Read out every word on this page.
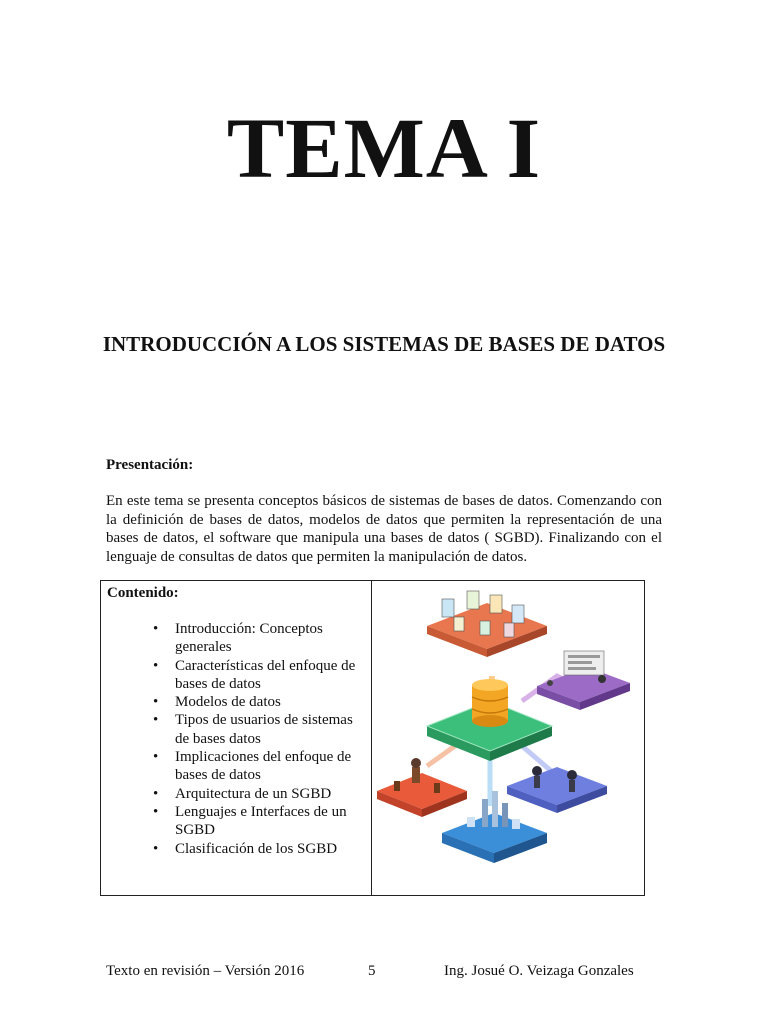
TEMA I
INTRODUCCIÓN A LOS SISTEMAS DE BASES DE DATOS
Presentación:
En este tema se presenta conceptos básicos de sistemas de bases de datos. Comenzando con la definición de bases de datos, modelos de datos que permiten la representación de una bases de datos, el software que manipula una bases de datos ( SGBD). Finalizando con el lenguaje de consultas de datos que permiten la manipulación de datos.
Contenido:
• Introducción: Conceptos generales
• Características del enfoque de bases de datos
• Modelos de datos
• Tipos de usuarios de sistemas de bases datos
• Implicaciones del enfoque de bases de datos
• Arquitectura de un SGBD
• Lenguajes e Interfaces de un SGBD
• Clasificación de los SGBD
Texto en revisión – Versión 2016	5	Ing. Josué O. Veizaga Gonzales
